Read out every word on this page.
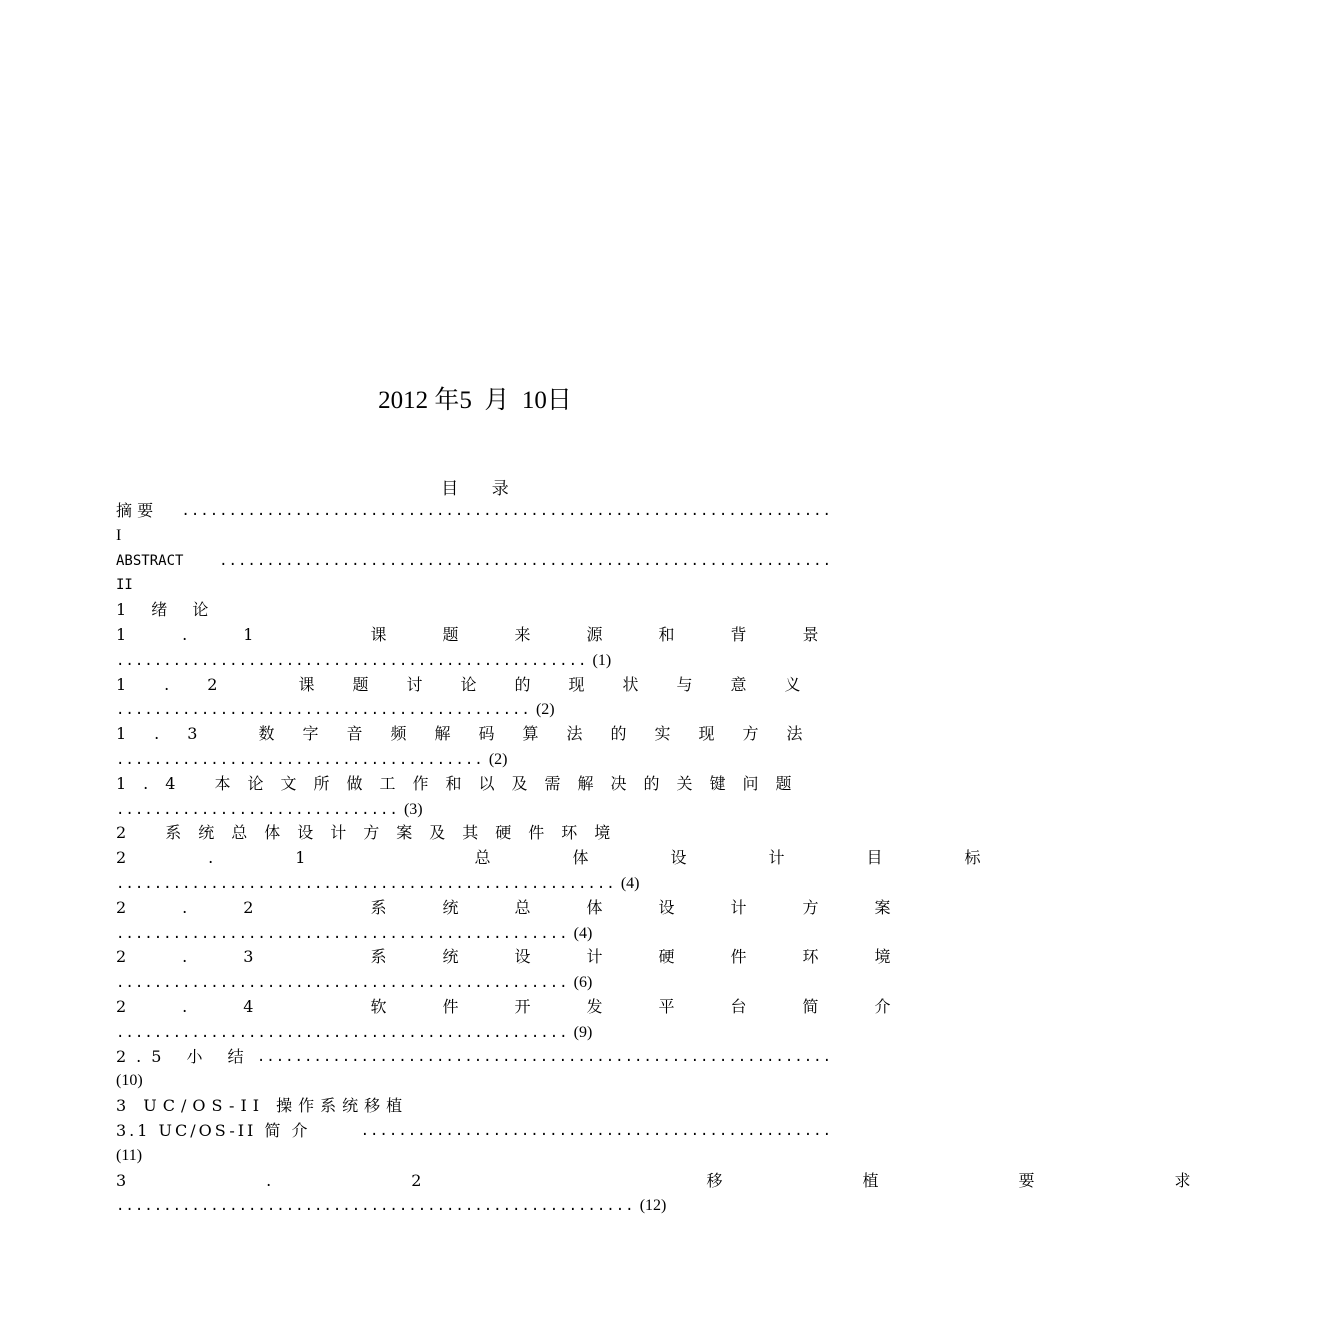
2012 年5 月 10日
目 录
摘 要 .....................................................................
I
ABSTRACT	.................................................................
II
1 绪 论
1.1 课题来源和背景
.................................................. (1)
1.2 课题讨论的现状与意义
............................................ (2)
1.3 数字音频解码算法的实现方法
....................................... (2)
1.4 本论文所做工作和以及需解决的关键问题
.............................. (3)
2 系统总体设计方案及其硬件环境
2.1 总体设计目标
..................................................... (4)
2.2 系统总体设计方案
................................................ (4)
2.3 系统设计硬件环境
................................................ (6)
2.4 软件开发平台简介
................................................ (9)
2.5 小 结 .............................................................
(10)
3 UC/OS-II 操作系统移植
3.1 UC/OS-II 简 介	..................................................
(11)
3.2 移植要求
....................................................... (12)
